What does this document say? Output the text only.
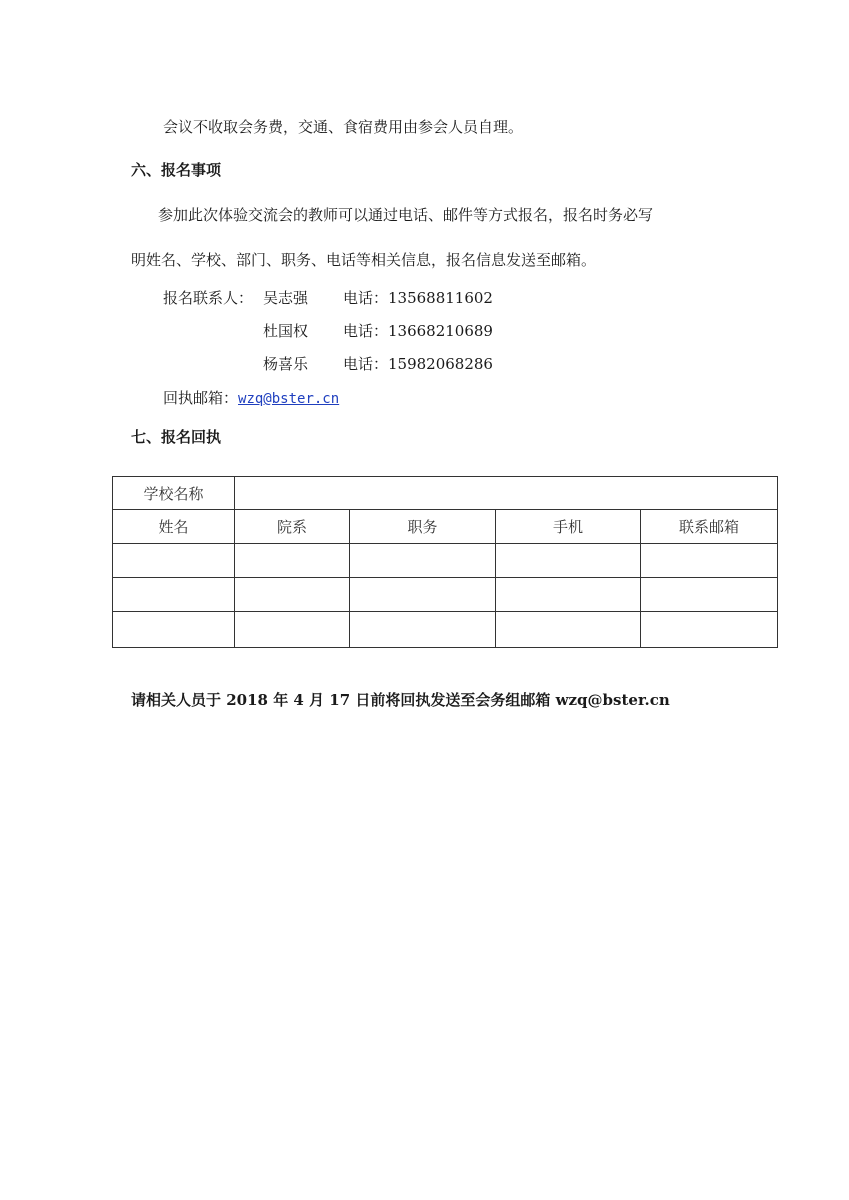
会议不收取会务费，交通、食宿费用由参会人员自理。
六、报名事项
参加此次体验交流会的教师可以通过电话、邮件等方式报名，报名时务必写
明姓名、学校、部门、职务、电话等相关信息，报名信息发送至邮箱。
报名联系人： 吴志强 电话：13568811602
杜国权 电话：13668210689
杨喜乐 电话：15982068286
回执邮箱：wzq@bster.cn
七、报名回执
学校名称				
姓名	院系	职务	手机	联系邮箱

请相关人员于 2018 年 4 月 17 日前将回执发送至会务组邮箱 wzq@bster.cn
